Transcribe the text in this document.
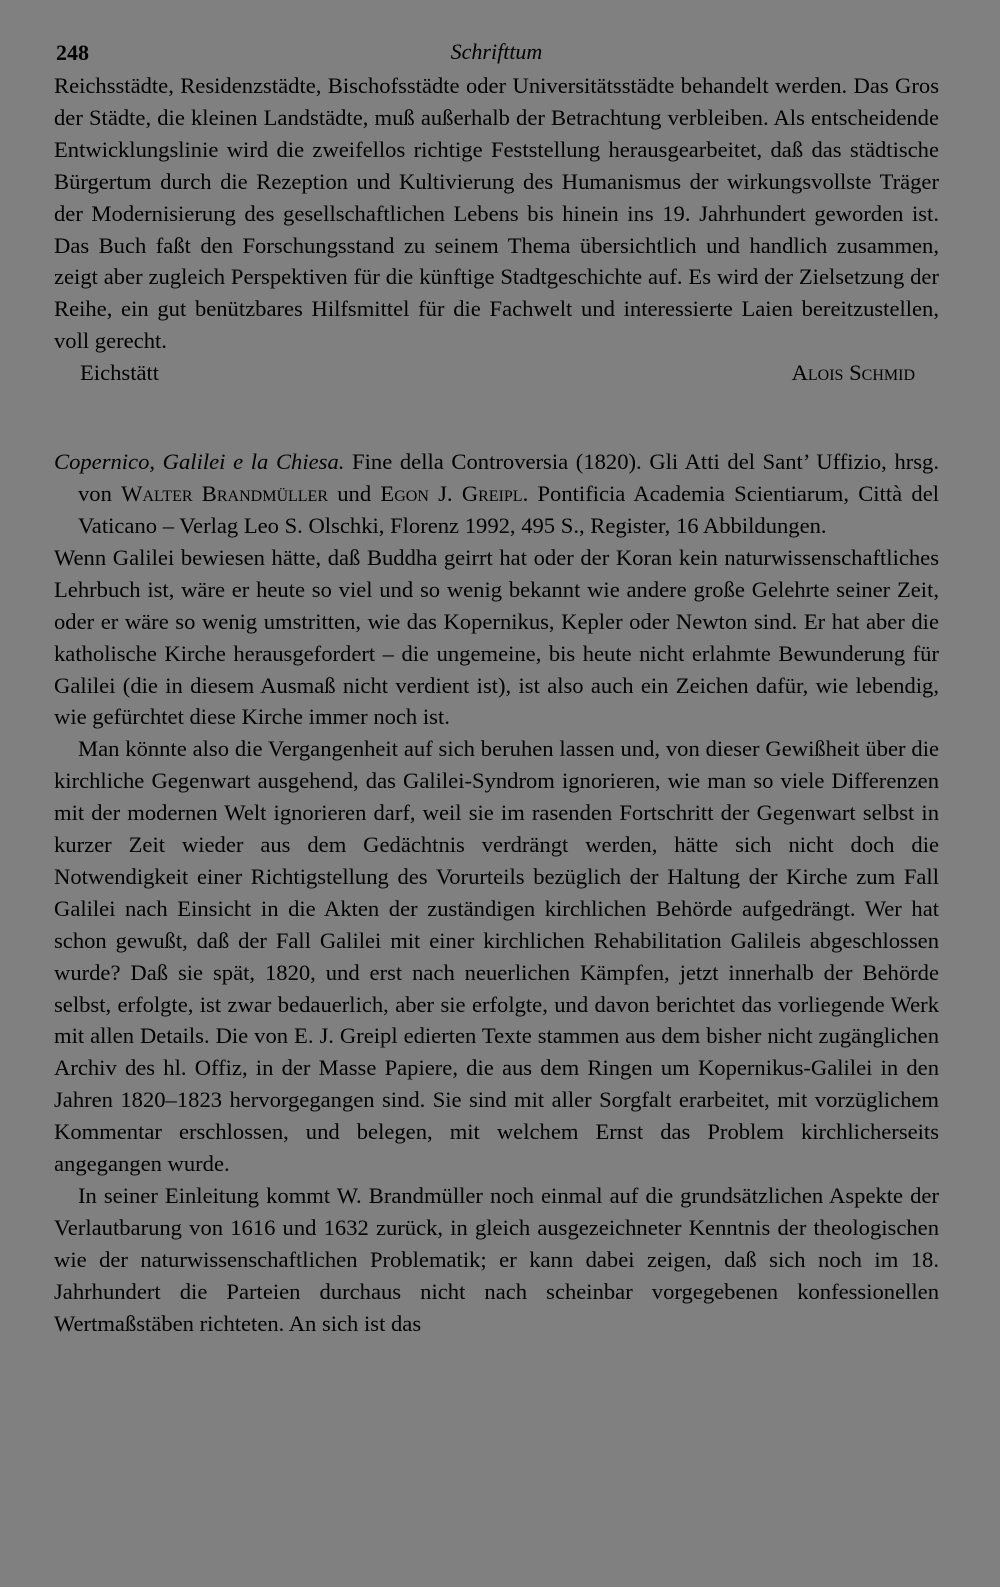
248	Schrifttum

Reichsstädte, Residenzstädte, Bischofsstädte oder Universitätsstädte behandelt werden. Das Gros der Städte, die kleinen Landstädte, muß außerhalb der Betrachtung verbleiben. Als entscheidende Entwicklungslinie wird die zweifellos richtige Feststellung herausgearbeitet, daß das städtische Bürgertum durch die Rezeption und Kultivierung des Humanismus der wirkungsvollste Träger der Modernisierung des gesellschaftlichen Lebens bis hinein ins 19. Jahrhundert geworden ist. Das Buch faßt den Forschungsstand zu seinem Thema übersichtlich und handlich zusammen, zeigt aber zugleich Perspektiven für die künftige Stadtgeschichte auf. Es wird der Zielsetzung der Reihe, ein gut benützbares Hilfsmittel für die Fachwelt und interessierte Laien bereitzustellen, voll gerecht.

Eichstätt	Alois Schmid

Copernico, Galilei e la Chiesa. Fine della Controversia (1820). Gli Atti del Sant’ Uffizio, hrsg. von Walter Brandmüller und Egon J. Greipl. Pontificia Academia Scientiarum, Città del Vaticano – Verlag Leo S. Olschki, Florenz 1992, 495 S., Register, 16 Abbildungen.

Wenn Galilei bewiesen hätte, daß Buddha geirrt hat oder der Koran kein naturwissenschaftliches Lehrbuch ist, wäre er heute so viel und so wenig bekannt wie andere große Gelehrte seiner Zeit, oder er wäre so wenig umstritten, wie das Kopernikus, Kepler oder Newton sind. Er hat aber die katholische Kirche herausgefordert – die ungemeine, bis heute nicht erlahmte Bewunderung für Galilei (die in diesem Ausmaß nicht verdient ist), ist also auch ein Zeichen dafür, wie lebendig, wie gefürchtet diese Kirche immer noch ist.

Man könnte also die Vergangenheit auf sich beruhen lassen und, von dieser Gewißheit über die kirchliche Gegenwart ausgehend, das Galilei-Syndrom ignorieren, wie man so viele Differenzen mit der modernen Welt ignorieren darf, weil sie im rasenden Fortschritt der Gegenwart selbst in kurzer Zeit wieder aus dem Gedächtnis verdrängt werden, hätte sich nicht doch die Notwendigkeit einer Richtigstellung des Vorurteils bezüglich der Haltung der Kirche zum Fall Galilei nach Einsicht in die Akten der zuständigen kirchlichen Behörde aufgedrängt. Wer hat schon gewußt, daß der Fall Galilei mit einer kirchlichen Rehabilitation Galileis abgeschlossen wurde? Daß sie spät, 1820, und erst nach neuerlichen Kämpfen, jetzt innerhalb der Behörde selbst, erfolgte, ist zwar bedauerlich, aber sie erfolgte, und davon berichtet das vorliegende Werk mit allen Details. Die von E. J. Greipl edierten Texte stammen aus dem bisher nicht zugänglichen Archiv des hl. Offiz, in der Masse Papiere, die aus dem Ringen um Kopernikus-Galilei in den Jahren 1820–1823 hervorgegangen sind. Sie sind mit aller Sorgfalt erarbeitet, mit vorzüglichem Kommentar erschlossen, und belegen, mit welchem Ernst das Problem kirchlicherseits angegangen wurde.

In seiner Einleitung kommt W. Brandmüller noch einmal auf die grundsätzlichen Aspekte der Verlautbarung von 1616 und 1632 zurück, in gleich ausgezeichneter Kenntnis der theologischen wie der naturwissenschaftlichen Problematik; er kann dabei zeigen, daß sich noch im 18. Jahrhundert die Parteien durchaus nicht nach scheinbar vorgegebenen konfessionellen Wertmaßstäben richteten. An sich ist das
